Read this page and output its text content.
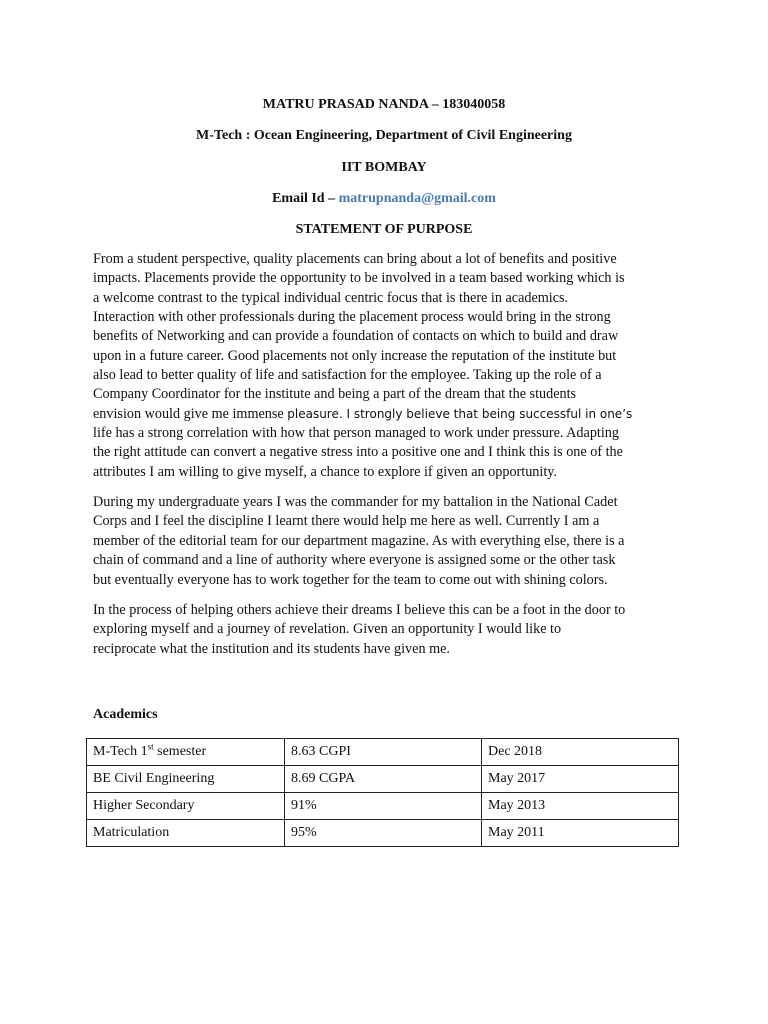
MATRU PRASAD NANDA – 183040058
M-Tech : Ocean Engineering, Department of Civil Engineering
IIT BOMBAY
Email Id – matrupnanda@gmail.com
STATEMENT OF PURPOSE

From a student perspective, quality placements can bring about a lot of benefits and positive
impacts. Placements provide the opportunity to be involved in a team based working which is
a welcome contrast to the typical individual centric focus that is there in academics.
Interaction with other professionals during the placement process would bring in the strong
benefits of Networking and can provide a foundation of contacts on which to build and draw
upon in a future career. Good placements not only increase the reputation of the institute but
also lead to better quality of life and satisfaction for the employee. Taking up the role of a
Company Coordinator for the institute and being a part of the dream that the students
envision would give me immense pleasure. I strongly believe that being successful in one’s
life has a strong correlation with how that person managed to work under pressure. Adapting
the right attitude can convert a negative stress into a positive one and I think this is one of the
attributes I am willing to give myself, a chance to explore if given an opportunity.

During my undergraduate years I was the commander for my battalion in the National Cadet
Corps and I feel the discipline I learnt there would help me here as well. Currently I am a
member of the editorial team for our department magazine. As with everything else, there is a
chain of command and a line of authority where everyone is assigned some or the other task
but eventually everyone has to work together for the team to come out with shining colors.

In the process of helping others achieve their dreams I believe this can be a foot in the door to
exploring myself and a journey of revelation. Given an opportunity I would like to
reciprocate what the institution and its students have given me.

Academics
M-Tech 1st semester	8.63 CGPI	Dec 2018
BE Civil Engineering	8.69 CGPA	May 2017
Higher Secondary	91%	May 2013
Matriculation	95%	May 2011
